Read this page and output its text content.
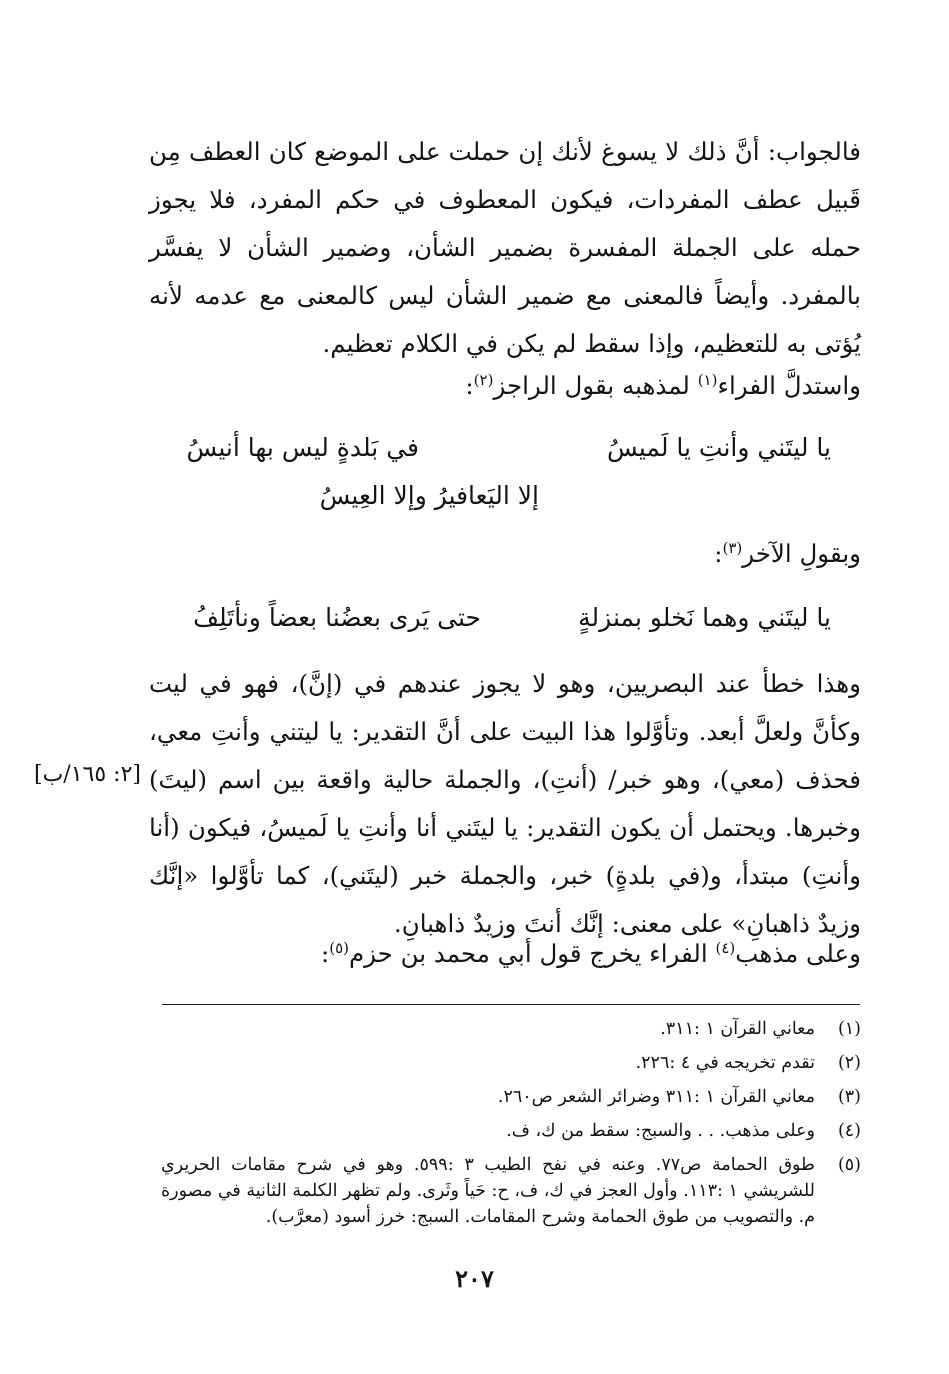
فالجواب: أنَّ ذلك لا يسوغ لأنك إن حملت على الموضع كان العطف مِن قَبيل عطف المفردات، فيكون المعطوف في حكم المفرد، فلا يجوز حمله على الجملة المفسرة بضمير الشأن، وضمير الشأن لا يفسَّر بالمفرد. وأيضاً فالمعنى مع ضمير الشأن ليس كالمعنى مع عدمه لأنه يُؤتى به للتعظيم، وإذا سقط لم يكن في الكلام تعظيم.

واستدلَّ الفراء$^{(١)}$ لمذهبه بقول الراجز$^{(٢)}$:

يا ليتَني وأنتِ يا لَميسُ
في بَلدةٍ ليس بها أنيسُ
إلا اليَعافيرُ وإلا العِيسُ

وبقولِ الآخر$^{(٣)}$:

يا ليتَني وهما نَخلو بمنزلةٍ
حتى يَرى بعضُنا بعضاً ونأتَلِفُ

وهذا خطأ عند البصريين، وهو لا يجوز عندهم في (إنَّ)، فهو في ليت وكأنَّ ولعلَّ أبعد. وتأوَّلوا هذا البيت على أنَّ التقدير: يا ليتني وأنتِ معي، فحذف (معي)، وهو خبر/ (أنتِ)، والجملة حالية واقعة بين اسم (ليتَ) وخبرها. ويحتمل أن يكون التقدير: يا ليتَني أنا وأنتِ يا لَميسُ، فيكون (أنا وأنتِ) مبتدأ، و(في بلدةٍ) خبر، والجملة خبر (ليتَني)، كما تأوَّلوا «إنَّك وزيدٌ ذاهبانِ» على معنى: إنَّك أنتَ وزيدٌ ذاهبانِ.

[٢: ١٦٥/ب]

وعلى مذهب$^{(٤)}$ الفراء يخرج قول أبي محمد بن حزم$^{(٥)}$:

(١)
معاني القرآن ١ :٣١١.
(٢)
تقدم تخريجه في ٤ :٢٢٦.
(٣)
معاني القرآن ١ :٣١١ وضرائر الشعر ص٢٦٠.
(٤)
وعلى مذهب. . . والسبج: سقط من ك، ف.
(٥)
طوق الحمامة ص٧٧. وعنه في نفح الطيب ٣ :٥٩٩. وهو في شرح مقامات الحريري للشريشي ١ :١١٣. وأول العجز في ك، ف، ح: حَياً وثَرى. ولم تظهر الكلمة الثانية في مصورة م. والتصويب من طوق الحمامة وشرح المقامات. السبج: خرز أسود (معرَّب).
٢٠٧
